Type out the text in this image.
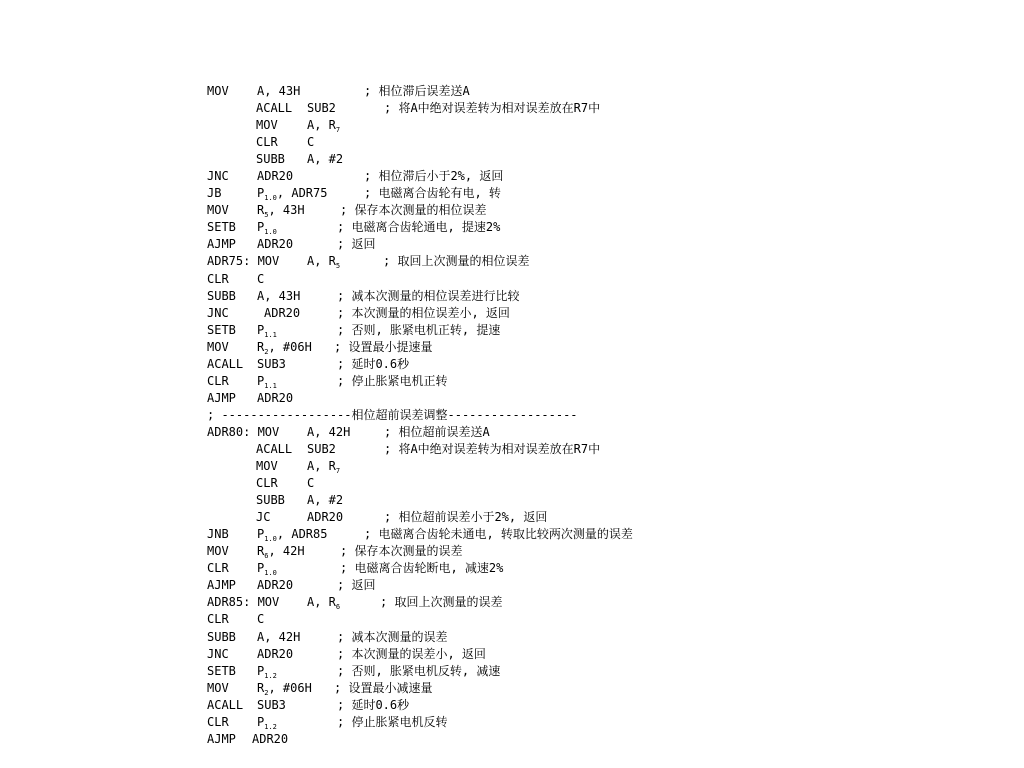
MOV A, 43H	; 相位滞后误差送A
ACALL SUB2	; 将A中绝对误差转为相对误差放在R7中
MOV A, $R_7$
CLR C
SUBB A, #2
JNC ADR20	; 相位滞后小于2%, 返回
JB	$P_{1.0}$, ADR75	; 电磁离合齿轮有电, 转
MOV $R_5$, 43H	; 保存本次测量的相位误差
SETB $P_{1.0}$	; 电磁离合齿轮通电, 提速2%
AJMP ADR20	; 返回
ADR75: MOV A, $R_5$	; 取回上次测量的相位误差
CLR C
SUBB A, 43H	; 减本次测量的相位误差进行比较
JNC	ADR20	; 本次测量的相位误差小, 返回
SETB $P_{1.1}$	; 否则, 胀紧电机正转, 提速
MOV $R_2$, #06H ; 设置最小提速量
ACALL SUB3	; 延时0.6秒
CLR $P_{1.1}$	; 停止胀紧电机正转
AJMP ADR20
; ------------------相位超前误差调整------------------
ADR80: MOV A, 42H	; 相位超前误差送A
ACALL SUB2	; 将A中绝对误差转为相对误差放在R7中
MOV A, $R_7$
CLR C
SUBB A, #2
JC	ADR20	; 相位超前误差小于2%, 返回
JNB $P_{1.0}$, ADR85	; 电磁离合齿轮未通电, 转取比较两次测量的误差
MOV $R_6$, 42H	; 保存本次测量的误差
CLR $P_{1.0}$	; 电磁离合齿轮断电, 减速2%
AJMP ADR20	; 返回
ADR85: MOV A, $R_6$	; 取回上次测量的误差
CLR C
SUBB A, 42H	; 减本次测量的误差
JNC ADR20	; 本次测量的误差小, 返回
SETB $P_{1.2}$	; 否则, 胀紧电机反转, 减速
MOV $R_2$, #06H ; 设置最小减速量
ACALL SUB3	; 延时0.6秒
CLR $P_{1.2}$	; 停止胀紧电机反转
AJMP ADR20
